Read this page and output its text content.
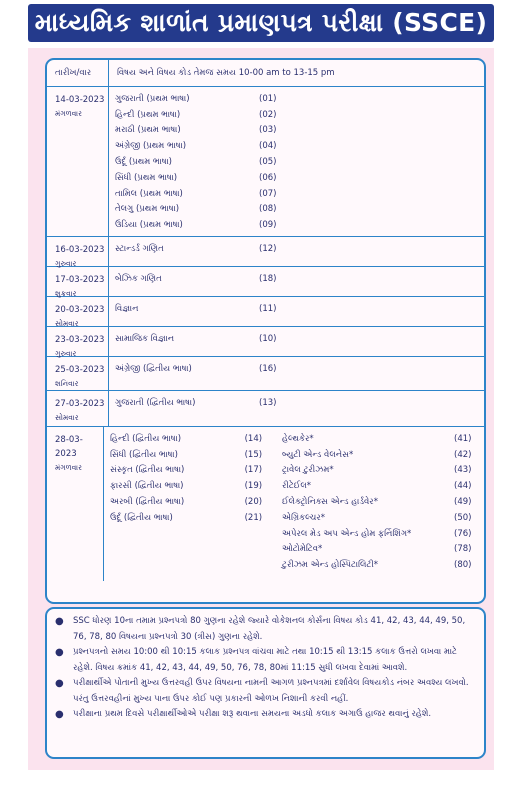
માધ્યમિક શાળાંત પ્રમાણપત્ર પરીક્ષા (SSCE)
તારીખ/વાર	વિષય અને વિષય કોડ તેમજ સમય 10-00 am to 13-15 pm
14-03-2023
મંગળવાર
ગુજરાતી (પ્રથમ ભાષા)	(01)
હિન્દી (પ્રથમ ભાષા)	(02)
મરાઠી (પ્રથમ ભાષા)	(03)
અંગ્રેજી (પ્રથમ ભાષા)	(04)
ઉર્દૂ (પ્રથમ ભાષા)	(05)
સિંધી (પ્રથમ ભાષા)	(06)
તામિલ (પ્રથમ ભાષા)	(07)
તેલગુ (પ્રથમ ભાષા)	(08)
ઉડિયા (પ્રથમ ભાષા)	(09)
16-03-2023
ગુરુવાર
સ્ટાન્ડર્ડ ગણિત	(12)
17-03-2023
શુક્રવાર
બેઝિક ગણિત	(18)
20-03-2023
સોમવાર
વિજ્ઞાન	(11)
23-03-2023
ગુરુવાર
સામાજિક વિજ્ઞાન	(10)
25-03-2023
શનિવાર
અંગ્રેજી (દ્વિતીય ભાષા)	(16)
27-03-2023
સોમવાર
ગુજરાતી (દ્વિતીય ભાષા)	(13)
28-03-2023
મંગળવાર
હિન્દી (દ્વિતીય ભાષા)	(14)
સિંધી (દ્વિતીય ભાષા)	(15)
સંસ્કૃત (દ્વિતીય ભાષા)	(17)
ફારસી (દ્વિતીય ભાષા)	(19)
અરબી (દ્વિતીય ભાષા)	(20)
ઉર્દૂ (દ્વિતીય ભાષા)	(21)
હેલ્થકેર*	(41)
બ્યુટી એન્ડ વેલનેસ*	(42)
ટ્રાવેલ ટુરીઝમ*	(43)
રીટેઈલ*	(44)
ઈલેક્ટ્રોનિક્સ એન્ડ હાર્ડવેર*	(49)
એગ્રિકલ્ચર*	(50)
અપેરલ મેડ અપ એન્ડ હોમ ફર્નિશિંગ*	(76)
ઓટોમેટિવ*	(78)
ટુરીઝમ એન્ડ હોસ્પિટાલિટી*	(80)
●	SSC ધોરણ 10ના તમામ પ્રશ્નપત્રો 80 ગુણના રહેશે જ્યારે વોકેશનલ કોર્સના વિષય કોડ 41, 42, 43, 44, 49, 50, 76, 78, 80 વિષયના પ્રશ્નપત્રો 30 (ત્રીસ) ગુણના રહેશે.
●	પ્રશ્નપત્રનો સમય 10:00 થી 10:15 કલાક પ્રશ્નપત્ર વાંચવા માટે તથા 10:15 થી 13:15 કલાક ઉત્તરો લખવા માટે રહેશે. વિષય ક્રમાંક 41, 42, 43, 44, 49, 50, 76, 78, 80માં 11:15 સુધી લખવા દેવામાં આવશે.
●	પરીક્ષાર્થીએ પોતાની મુખ્ય ઉત્તરવહી ઉપર વિષયના નામની આગળ પ્રશ્નપત્રમાં દર્શાવેલ વિષયકોડ નંબર અવશ્ય લખવો. પરંતુ ઉત્તરવહીનાં મુખ્ય પાના ઉપર કોઈ પણ પ્રકારની ઓળખ નિશાની કરવી નહીં.
●	પરીક્ષાના પ્રથમ દિવસે પરીક્ષાર્થીઓએ પરીક્ષા શરૂ થવાના સમયના અડધો કલાક અગાઉ હાજર થવાનું રહેશે.
